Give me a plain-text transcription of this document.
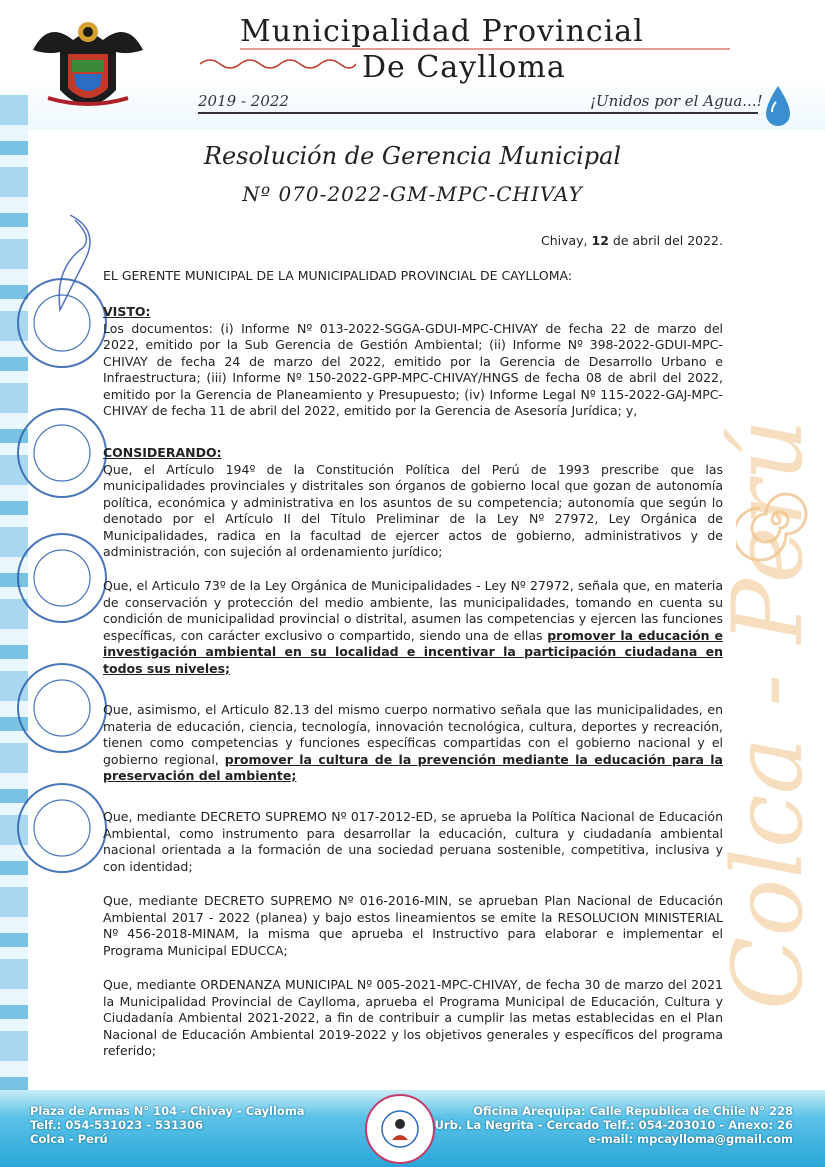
Municipalidad Provincial
De Caylloma
2019 - 2022	¡Unidos por el Agua...!
Colca - Perú
Resolución de Gerencia Municipal
Nº 070-2022-GM-MPC-CHIVAY
Chivay, 12 de abril del 2022.
EL GERENTE MUNICIPAL DE LA MUNICIPALIDAD PROVINCIAL DE CAYLLOMA:
VISTO:
Los documentos: (i) Informe Nº 013-2022-SGGA-GDUI-MPC-CHIVAY de fecha 22 de marzo del 2022, emitido por la Sub Gerencia de Gestión Ambiental; (ii) Informe Nº 398-2022-GDUI-MPC-CHIVAY de fecha 24 de marzo del 2022, emitido por la Gerencia de Desarrollo Urbano e Infraestructura; (iii) Informe Nº 150-2022-GPP-MPC-CHIVAY/HNGS de fecha 08 de abril del 2022, emitido por la Gerencia de Planeamiento y Presupuesto; (iv) Informe Legal Nº 115-2022-GAJ-MPC-CHIVAY de fecha 11 de abril del 2022, emitido por la Gerencia de Asesoría Jurídica; y,
CONSIDERANDO:
Que, el Artículo 194º de la Constitución Política del Perú de 1993 prescribe que las municipalidades provinciales y distritales son órganos de gobierno local que gozan de autonomía política, económica y administrativa en los asuntos de su competencia; autonomía que según lo denotado por el Artículo II del Título Preliminar de la Ley Nº 27972, Ley Orgánica de Municipalidades, radica en la facultad de ejercer actos de gobierno, administrativos y de administración, con sujeción al ordenamiento jurídico;
Que, el Articulo 73º de la Ley Orgánica de Municipalidades - Ley Nº 27972, señala que, en materia de conservación y protección del medio ambiente, las municipalidades, tomando en cuenta su condición de municipalidad provincial o distrital, asumen las competencias y ejercen las funciones específicas, con carácter exclusivo o compartido, siendo una de ellas promover la educación e investigación ambiental en su localidad e incentivar la participación ciudadana en todos sus niveles;
Que, asimismo, el Articulo 82.13 del mismo cuerpo normativo señala que las municipalidades, en materia de educación, ciencia, tecnología, innovación tecnológica, cultura, deportes y recreación, tienen como competencias y funciones específicas compartidas con el gobierno nacional y el gobierno regional, promover la cultura de la prevención mediante la educación para la preservación del ambiente;
Que, mediante DECRETO SUPREMO Nº 017-2012-ED, se aprueba la Política Nacional de Educación Ambiental, como instrumento para desarrollar la educación, cultura y ciudadanía ambiental nacional orientada a la formación de una sociedad peruana sostenible, competitiva, inclusiva y con identidad;
Que, mediante DECRETO SUPREMO Nº 016-2016-MIN, se aprueban Plan Nacional de Educación Ambiental 2017 - 2022 (planea) y bajo estos lineamientos se emite la RESOLUCION MINISTERIAL Nº 456-2018-MINAM, la misma que aprueba el Instructivo para elaborar e implementar el Programa Municipal EDUCCA;
Que, mediante ORDENANZA MUNICIPAL Nº 005-2021-MPC-CHIVAY, de fecha 30 de marzo del 2021 la Municipalidad Provincial de Caylloma, aprueba el Programa Municipal de Educación, Cultura y Ciudadanía Ambiental 2021-2022, a fin de contribuir a cumplir las metas establecidas en el Plan Nacional de Educación Ambiental 2019-2022 y los objetivos generales y específicos del programa referido;
Plaza de Armas N° 104 - Chivay - Caylloma
Telf.: 054-531023 - 531306
Colca - Perú
Oficina Arequipa: Calle Republica de Chile N° 228
Urb. La Negrita - Cercado Telf.: 054-203010 - Anexo: 26
e-mail: mpcaylloma@gmail.com
